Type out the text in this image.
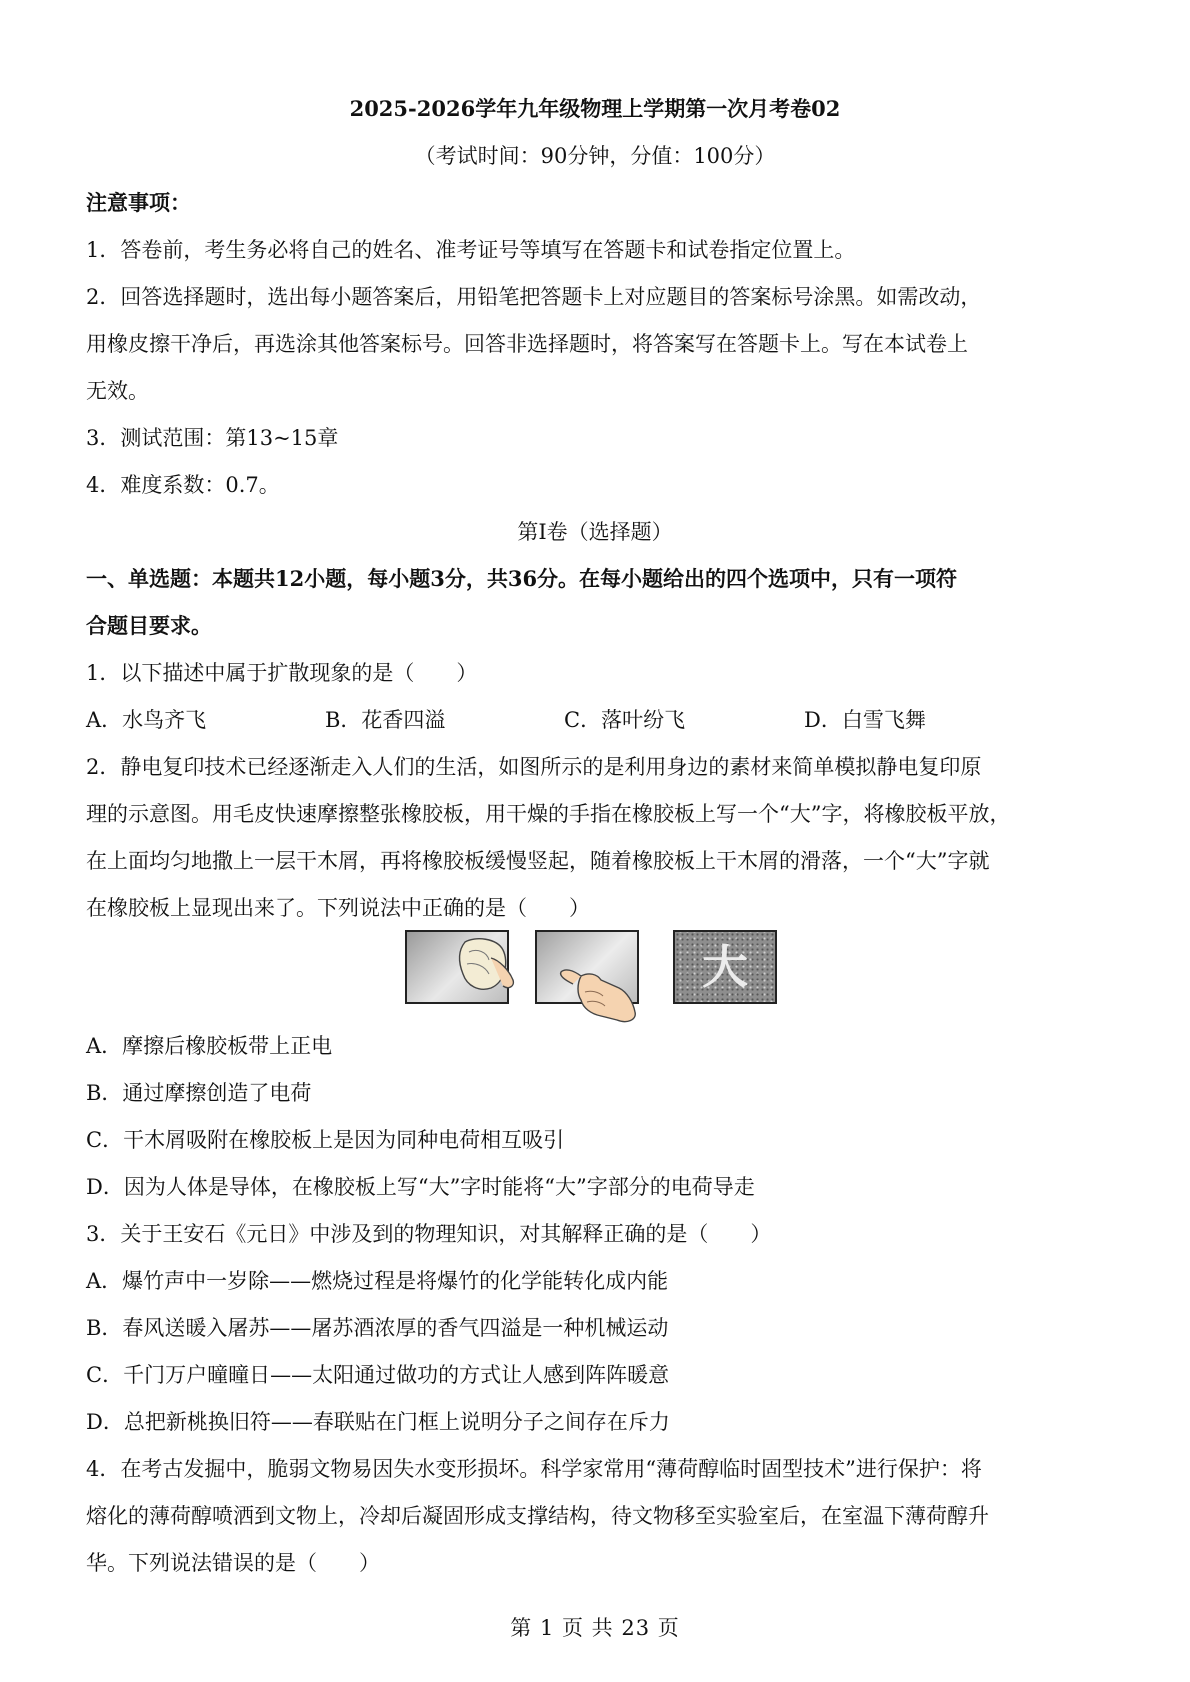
2025-2026学年九年级物理上学期第一次月考卷02
（考试时间：90分钟，分值：100分）
注意事项：
1．答卷前，考生务必将自己的姓名、准考证号等填写在答题卡和试卷指定位置上。
2．回答选择题时，选出每小题答案后，用铅笔把答题卡上对应题目的答案标号涂黑。如需改动，
用橡皮擦干净后，再选涂其他答案标号。回答非选择题时，将答案写在答题卡上。写在本试卷上
无效。
3．测试范围：第13~15章
4．难度系数：0.7。
第Ⅰ卷（选择题）
一、单选题：本题共12小题，每小题3分，共36分。在每小题给出的四个选项中，只有一项符
合题目要求。
1．以下描述中属于扩散现象的是（　　）
A．水鸟齐飞	B．花香四溢	C．落叶纷飞	D．白雪飞舞
2．静电复印技术已经逐渐走入人们的生活，如图所示的是利用身边的素材来简单模拟静电复印原
理的示意图。用毛皮快速摩擦整张橡胶板，用干燥的手指在橡胶板上写一个“大”字，将橡胶板平放，
在上面均匀地撒上一层干木屑，再将橡胶板缓慢竖起，随着橡胶板上干木屑的滑落，一个“大”字就
在橡胶板上显现出来了。下列说法中正确的是（　　）
大
A．摩擦后橡胶板带上正电
B．通过摩擦创造了电荷
C．干木屑吸附在橡胶板上是因为同种电荷相互吸引
D．因为人体是导体，在橡胶板上写“大”字时能将“大”字部分的电荷导走
3．关于王安石《元日》中涉及到的物理知识，对其解释正确的是（　　）
A．爆竹声中一岁除——燃烧过程是将爆竹的化学能转化成内能
B．春风送暖入屠苏——屠苏酒浓厚的香气四溢是一种机械运动
C．千门万户曈曈日——太阳通过做功的方式让人感到阵阵暖意
D．总把新桃换旧符——春联贴在门框上说明分子之间存在斥力
4．在考古发掘中，脆弱文物易因失水变形损坏。科学家常用“薄荷醇临时固型技术”进行保护：将
熔化的薄荷醇喷洒到文物上，冷却后凝固形成支撑结构，待文物移至实验室后，在室温下薄荷醇升
华。下列说法错误的是（　　）
第 1 页 共 23 页
